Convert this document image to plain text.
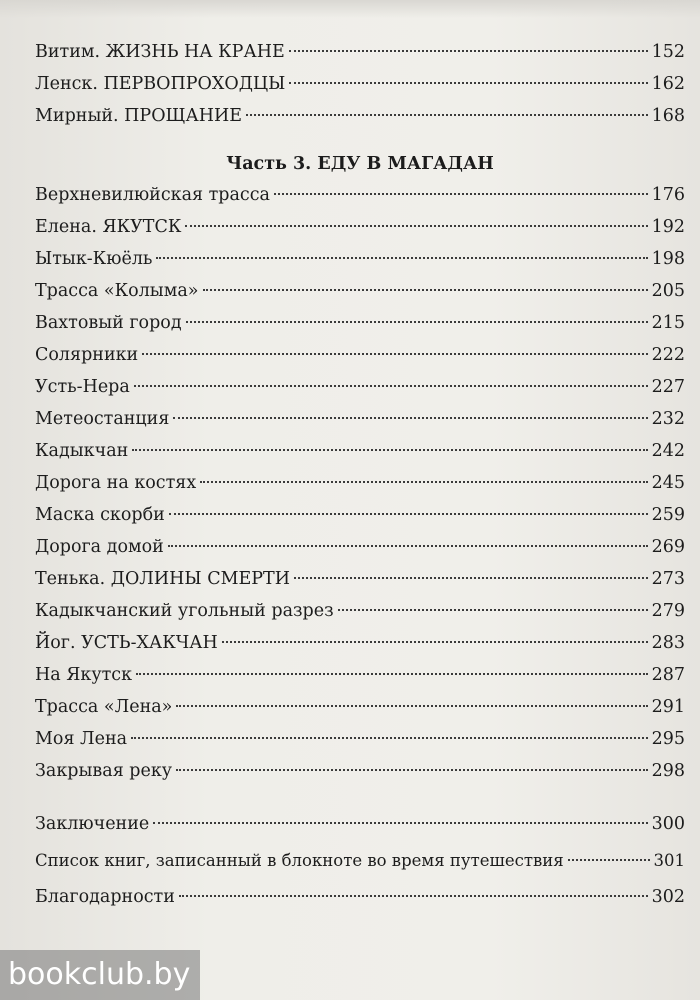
Витим. ЖИЗНЬ НА КРАНЕ	152
Ленск. ПЕРВОПРОХОДЦЫ	162
Мирный. ПРОЩАНИЕ	168
Часть 3. ЕДУ В МАГАДАН
Верхневилюйская трасса	176
Елена. ЯКУТСК	192
Ытык-Кюёль	198
Трасса «Колыма»	205
Вахтовый город	215
Солярники	222
Усть-Нера	227
Метеостанция	232
Кадыкчан	242
Дорога на костях	245
Маска скорби	259
Дорога домой	269
Тенька. ДОЛИНЫ СМЕРТИ	273
Кадыкчанский угольный разрез	279
Йог. УСТЬ-ХАКЧАН	283
На Якутск	287
Трасса «Лена»	291
Моя Лена	295
Закрывая реку	298
Заключение	300
Список книг, записанный в блокноте во время путешествия	301
Благодарности	302
bookclub.by
